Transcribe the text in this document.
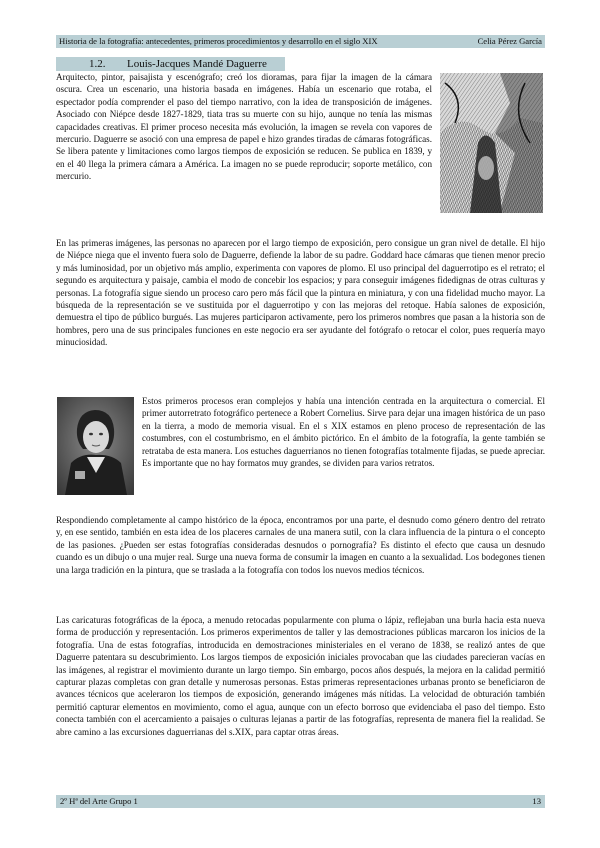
Historia de la fotografía: antecedentes, primeros procedimientos y desarrollo en el siglo XIX	Celia Pérez García
1.2. Louis-Jacques Mandé Daguerre

Arquitecto, pintor, paisajista y escenógrafo; creó los dioramas, para fijar la imagen de la cámara oscura. Crea un escenario, una historia basada en imágenes. Había un escenario que rotaba, el espectador podía comprender el paso del tiempo narrativo, con la idea de transposición de imágenes. Asociado con Niépce desde 1827-1829, tiata tras su muerte con su hijo, aunque no tenía las mismas capacidades creativas. El primer proceso necesita más evolución, la imagen se revela con vapores de mercurio. Daguerre se asoció con una empresa de papel e hizo grandes tiradas de cámaras fotográficas. Se libera patente y limitaciones como largos tiempos de exposición se reducen. Se publica en 1839, y en el 40 llega la primera cámara a América. La imagen no se puede reproducir; soporte metálico, con mercurio.

En las primeras imágenes, las personas no aparecen por el largo tiempo de exposición, pero consigue un gran nivel de detalle. El hijo de Niépce niega que el invento fuera solo de Daguerre, defiende la labor de su padre. Goddard hace cámaras que tienen menor precio y más luminosidad, por un objetivo más amplio, experimenta con vapores de plomo. El uso principal del daguerrotipo es el retrato; el segundo es arquitectura y paisaje, cambia el modo de concebir los espacios; y para conseguir imágenes fidedignas de otras culturas y personas. La fotografía sigue siendo un proceso caro pero más fácil que la pintura en miniatura, y con una fidelidad mucho mayor. La búsqueda de la representación se ve sustituida por el daguerrotipo y con las mejoras del retoque. Había salones de exposición, demuestra el tipo de público burgués. Las mujeres participaron activamente, pero los primeros nombres que pasan a la historia son de hombres, pero una de sus principales funciones en este negocio era ser ayudante del fotógrafo o retocar el color, pues requería mayo minuciosidad.

Estos primeros procesos eran complejos y había una intención centrada en la arquitectura o comercial. El primer autorretrato fotográfico pertenece a Robert Cornelius. Sirve para dejar una imagen histórica de un paso en la tierra, a modo de memoria visual. En el s XIX estamos en pleno proceso de representación de las costumbres, con el costumbrismo, en el ámbito pictórico. En el ámbito de la fotografía, la gente también se retrataba de esta manera. Los estuches daguerrianos no tienen fotografías totalmente fijadas, se puede apreciar. Es importante que no hay formatos muy grandes, se dividen para varios retratos.

Respondiendo completamente al campo histórico de la época, encontramos por una parte, el desnudo como género dentro del retrato y, en ese sentido, también en esta idea de los placeres carnales de una manera sutil, con la clara influencia de la pintura o el concepto de las pasiones. ¿Pueden ser estas fotografías consideradas desnudos o pornografía? Es distinto el efecto que causa un desnudo cuando es un dibujo o una mujer real. Surge una nueva forma de consumir la imagen en cuanto a la sexualidad. Los bodegones tienen una larga tradición en la pintura, que se traslada a la fotografía con todos los nuevos medios técnicos.

Las caricaturas fotográficas de la época, a menudo retocadas popularmente con pluma o lápiz, reflejaban una burla hacia esta nueva forma de producción y representación. Los primeros experimentos de taller y las demostraciones públicas marcaron los inicios de la fotografía. Una de estas fotografías, introducida en demostraciones ministeriales en el verano de 1838, se realizó antes de que Daguerre patentara su descubrimiento. Los largos tiempos de exposición iniciales provocaban que las ciudades parecieran vacías en las imágenes, al registrar el movimiento durante un largo tiempo. Sin embargo, pocos años después, la mejora en la calidad permitió capturar plazas completas con gran detalle y numerosas personas. Estas primeras representaciones urbanas pronto se beneficiaron de avances técnicos que aceleraron los tiempos de exposición, generando imágenes más nítidas. La velocidad de obturación también permitió capturar elementos en movimiento, como el agua, aunque con un efecto borroso que evidenciaba el paso del tiempo. Esto conecta también con el acercamiento a paisajes o culturas lejanas a partir de las fotografías, representa de manera fiel la realidad. Se abre camino a las excursiones daguerrianas del s.XIX, para captar otras áreas.

2º Hª del Arte Grupo 1	13
